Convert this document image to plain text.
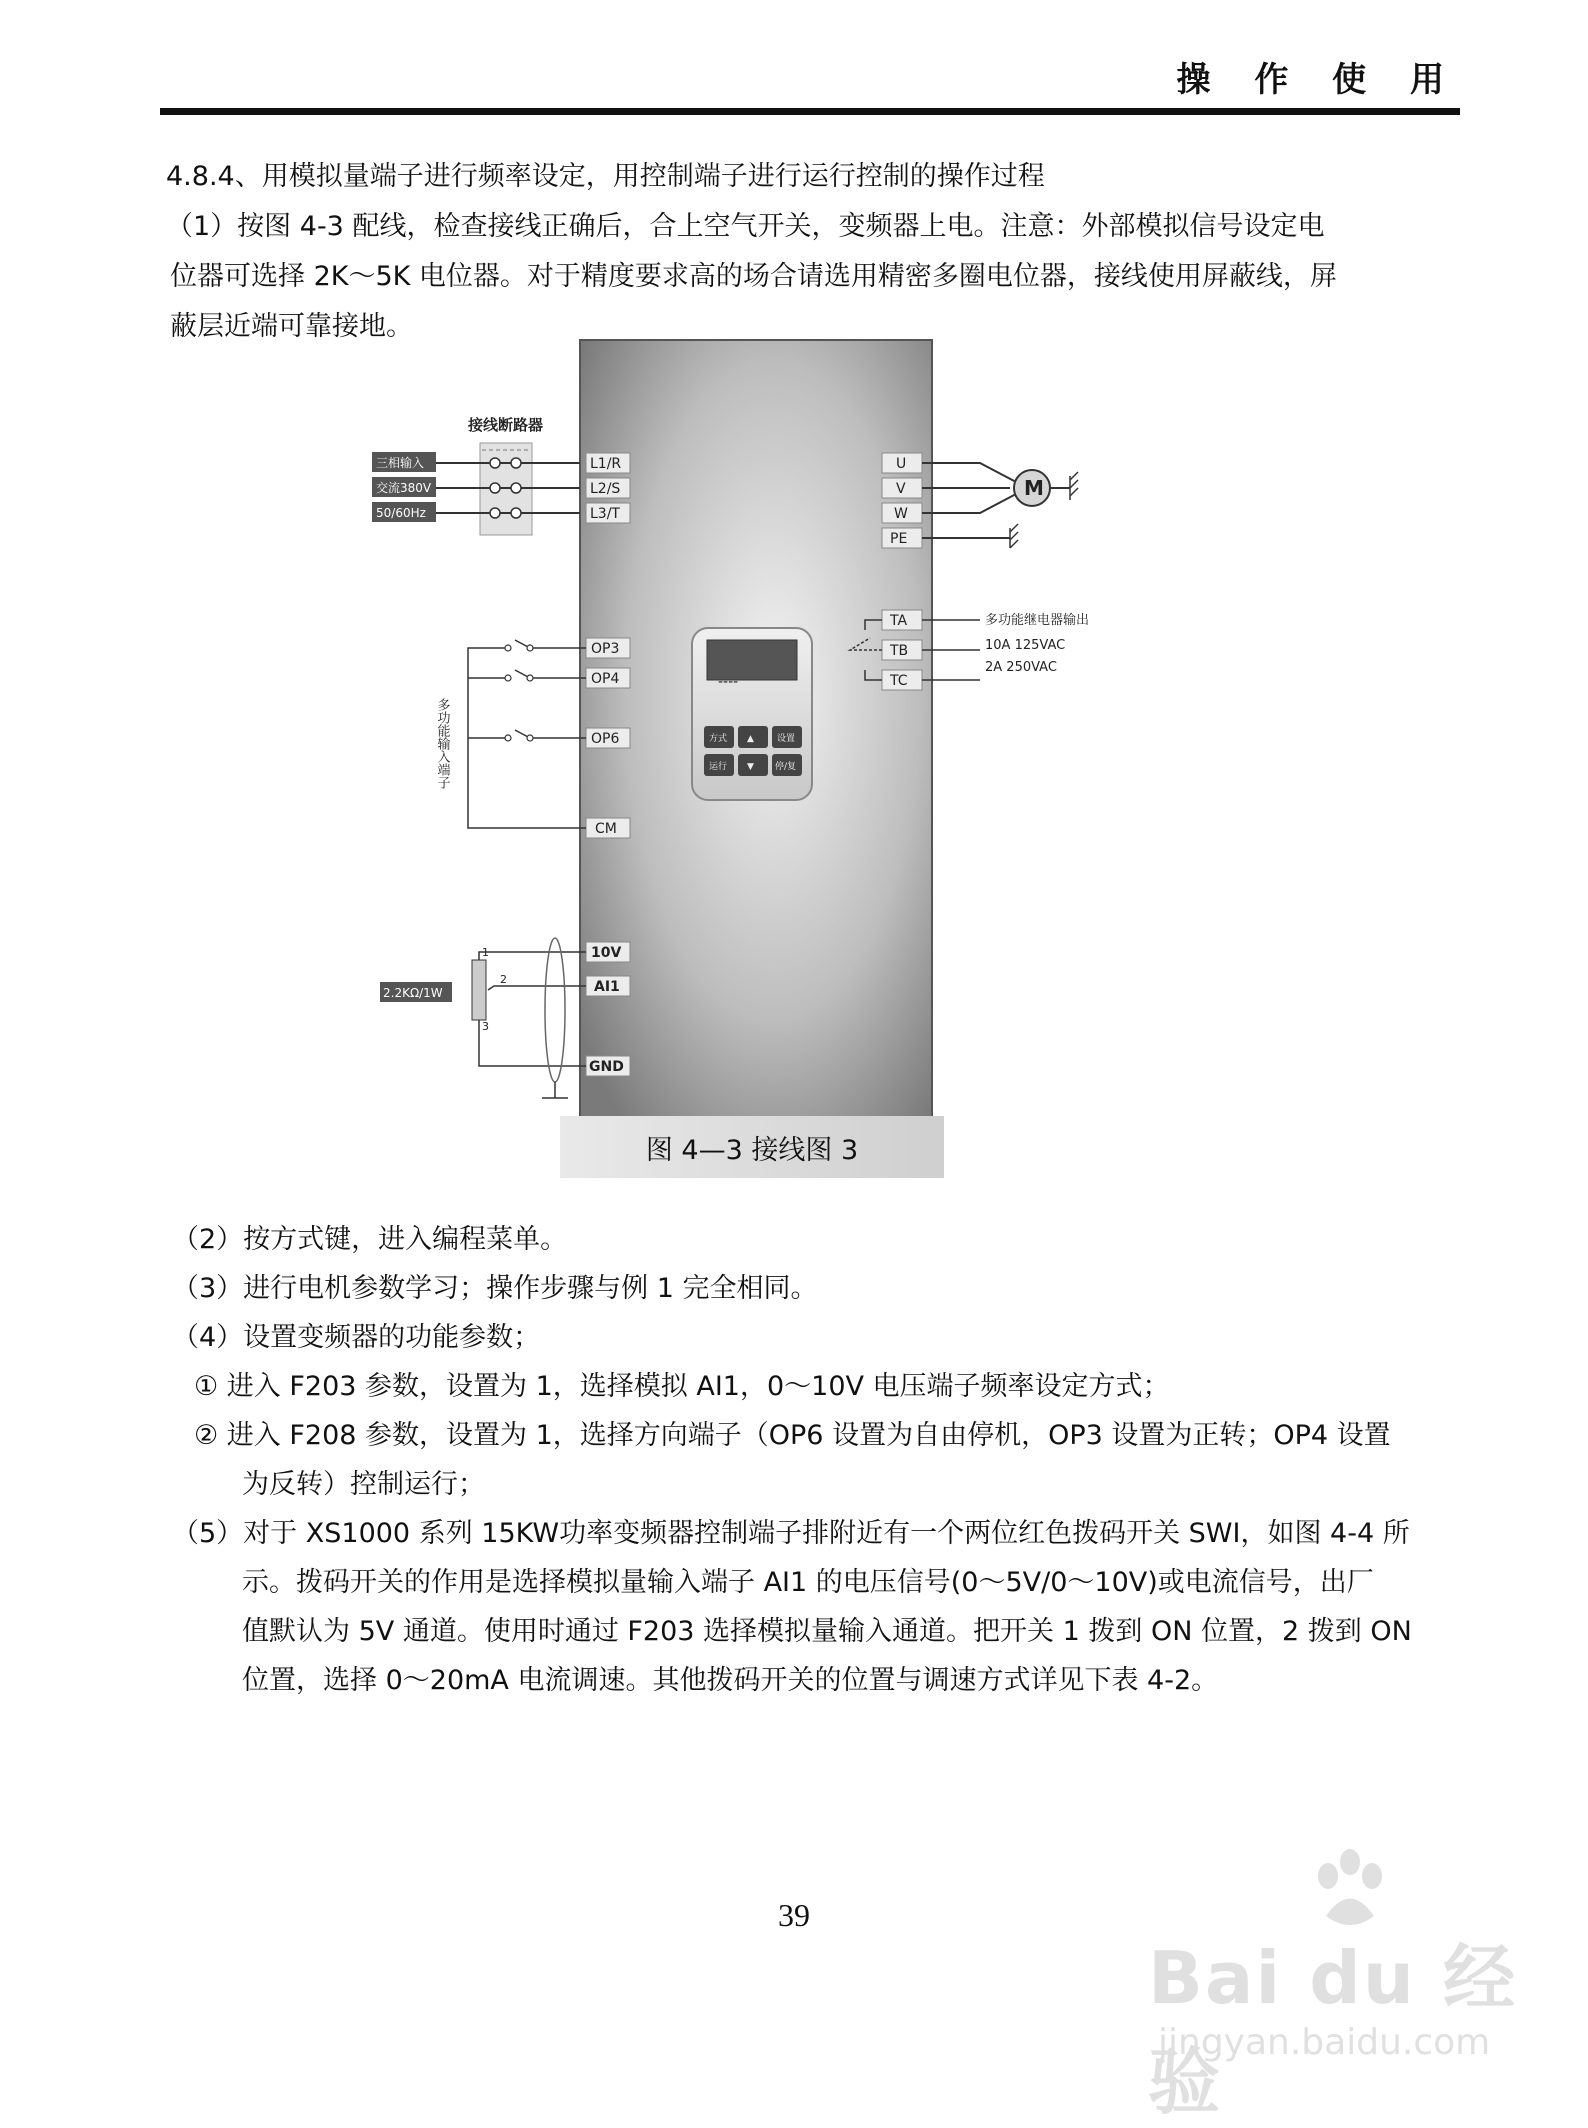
操 作 使 用
4.8.4、用模拟量端子进行频率设定，用控制端子进行运行控制的操作过程
（1）按图 4-3 配线，检查接线正确后，合上空气开关，变频器上电。注意：外部模拟信号设定电
位器可选择 2K～5K 电位器。对于精度要求高的场合请选用精密多圈电位器，接线使用屏蔽线，屏
蔽层近端可靠接地。
接线断路器
三相输入
交流380V
50/60Hz
L1/R
L2/S
L3/T
U
V
W
PE
M
TA
TB
TC
多功能继电器输出
10A 125VAC
2A 250VAC
----
方式 ▲	设置
运行 ▼ 停/复
OP3
OP4
OP6
CM
多功能输入端子
10V
AI1
GND
1
2
3
2.2KΩ/1W
图 4—3 接线图 3
（2）按方式键，进入编程菜单。
（3）进行电机参数学习；操作步骤与例 1 完全相同。
（4）设置变频器的功能参数；
① 进入 F203 参数，设置为 1，选择模拟 AI1，0～10V 电压端子频率设定方式；
② 进入 F208 参数，设置为 1，选择方向端子（OP6 设置为自由停机，OP3 设置为正转；OP4 设置
为反转）控制运行；
（5）对于 XS1000 系列 15KW功率变频器控制端子排附近有一个两位红色拨码开关 SWI，如图 4-4 所
示。拨码开关的作用是选择模拟量输入端子 AI1 的电压信号(0～5V/0～10V)或电流信号，出厂
值默认为 5V 通道。使用时通过 F203 选择模拟量输入通道。把开关 1 拨到 ON 位置，2 拨到 ON
位置，选择 0～20mA 电流调速。其他拨码开关的位置与调速方式详见下表 4-2。
39
Bai du 经验
jingyan.baidu.com
